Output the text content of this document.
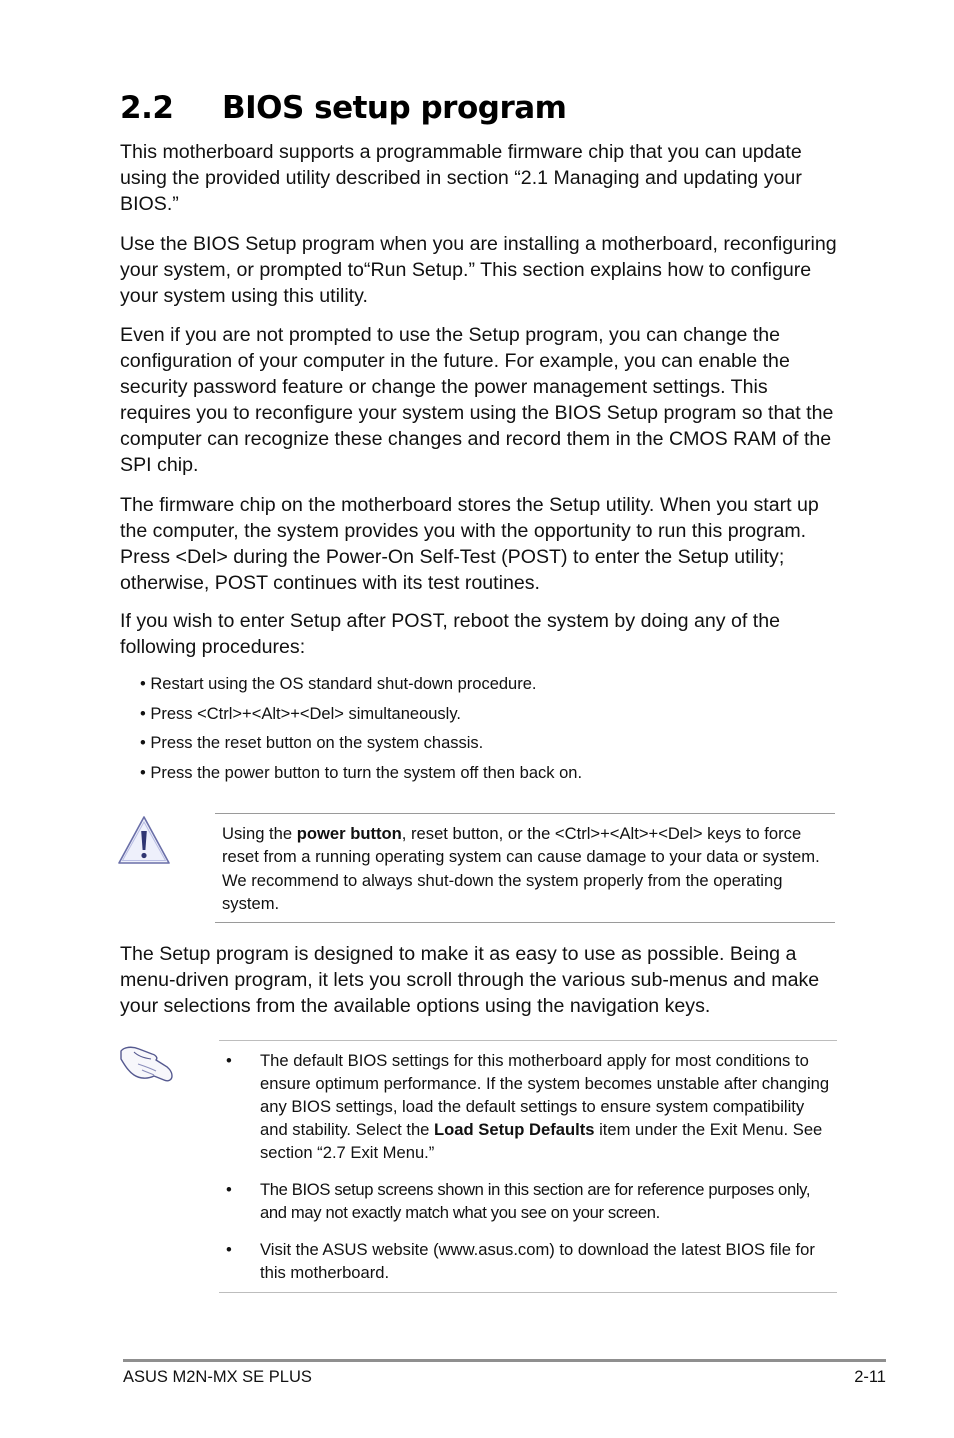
2.2 BIOS setup program

This motherboard supports a programmable firmware chip that you can update using the provided utility described in section “2.1 Managing and updating your BIOS.”

Use the BIOS Setup program when you are installing a motherboard, reconfiguring your system, or prompted to“Run Setup.” This section explains how to configure your system using this utility.

Even if you are not prompted to use the Setup program, you can change the configuration of your computer in the future. For example, you can enable the security password feature or change the power management settings. This requires you to reconfigure your system using the BIOS Setup program so that the computer can recognize these changes and record them in the CMOS RAM of the SPI chip.

The firmware chip on the motherboard stores the Setup utility. When you start up the computer, the system provides you with the opportunity to run this program. Press <Del> during the Power-On Self-Test (POST) to enter the Setup utility; otherwise, POST continues with its test routines.

If you wish to enter Setup after POST, reboot the system by doing any of the following procedures:

• Restart using the OS standard shut-down procedure.
• Press <Ctrl>+<Alt>+<Del> simultaneously.
• Press the reset button on the system chassis.
• Press the power button to turn the system off then back on.

Using the power button, reset button, or the <Ctrl>+<Alt>+<Del> keys to force reset from a running operating system can cause damage to your data or system. We recommend to always shut-down the system properly from the operating system.

The Setup program is designed to make it as easy to use as possible. Being a menu-driven program, it lets you scroll through the various sub-menus and make your selections from the available options using the navigation keys.

•	The default BIOS settings for this motherboard apply for most conditions to ensure optimum performance. If the system becomes unstable after changing any BIOS settings, load the default settings to ensure system compatibility and stability. Select the Load Setup Defaults item under the Exit Menu. See section “2.7 Exit Menu.”

•	The BIOS setup screens shown in this section are for reference purposes only, and may not exactly match what you see on your screen.

•	Visit the ASUS website (www.asus.com) to download the latest BIOS file for this motherboard.

ASUS M2N-MX SE PLUS	2-11
